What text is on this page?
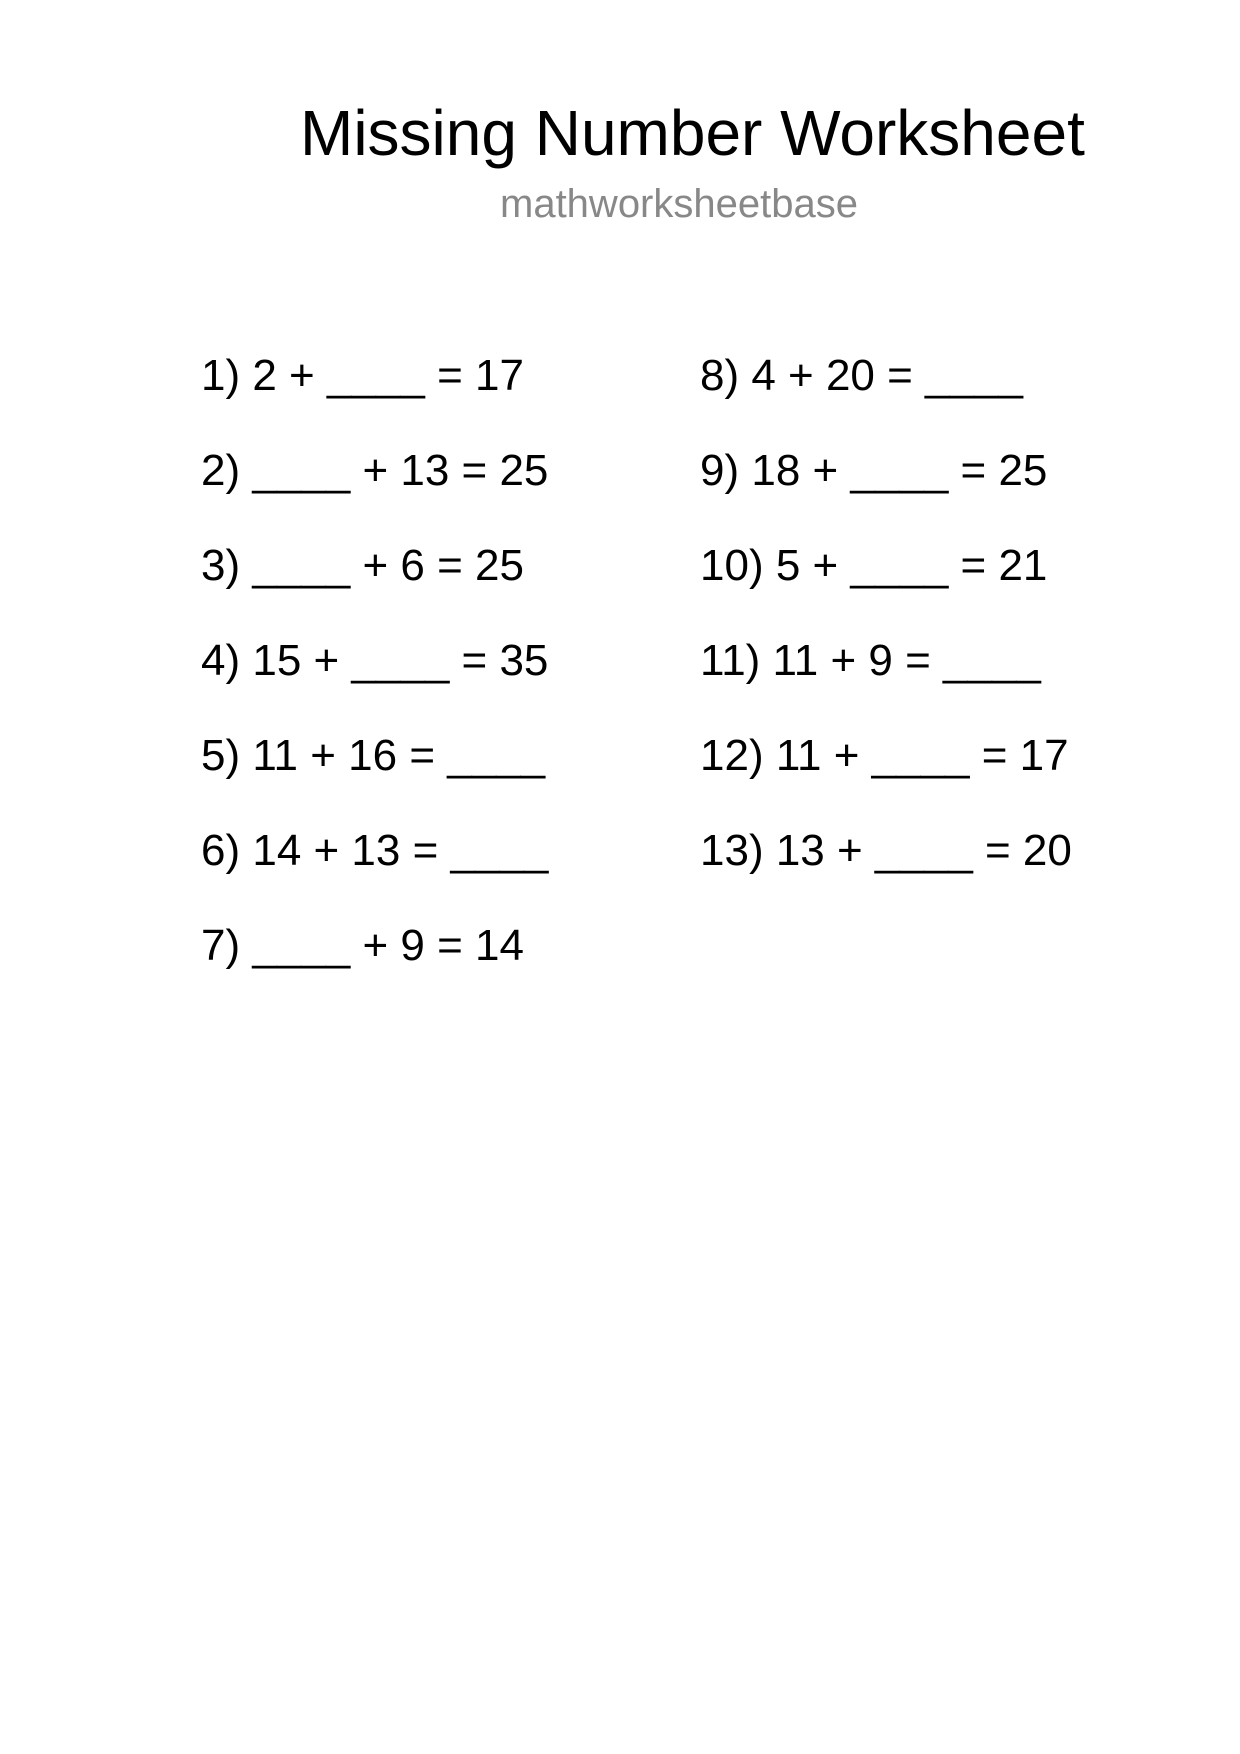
Missing Number Worksheet
mathworksheetbase
1) 2 + ____ = 17
2) ____ + 13 = 25
3) ____ + 6 = 25
4) 15 + ____ = 35
5) 11 + 16 = ____
6) 14 + 13 = ____
7) ____ + 9 = 14
8) 4 + 20 = ____
9) 18 + ____ = 25
10) 5 + ____ = 21
11) 11 + 9 = ____
12) 11 + ____ = 17
13) 13 + ____ = 20
